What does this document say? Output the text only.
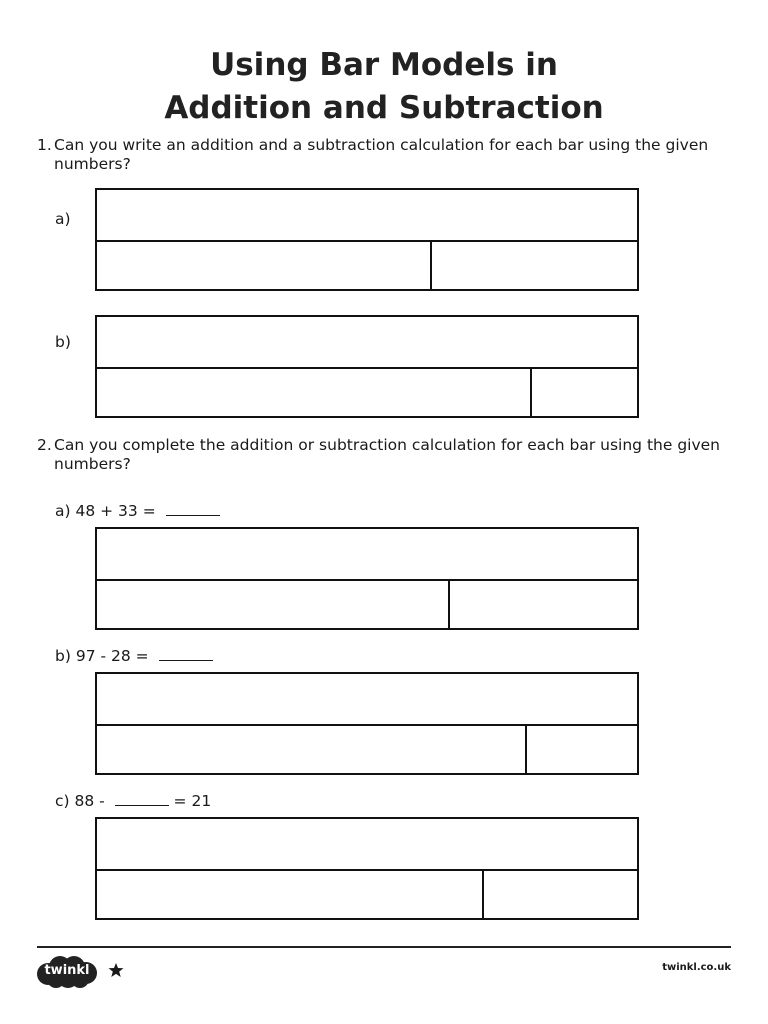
Using Bar Models in
Addition and Subtraction
1. Can you write an addition and a subtraction calculation for each bar using the given numbers?
a)
b)
2. Can you complete the addition or subtraction calculation for each bar using the given numbers?
a) 48 + 33 =
b) 97 - 28 =
c) 88 -	= 21
twinkl	twinkl.co.uk
